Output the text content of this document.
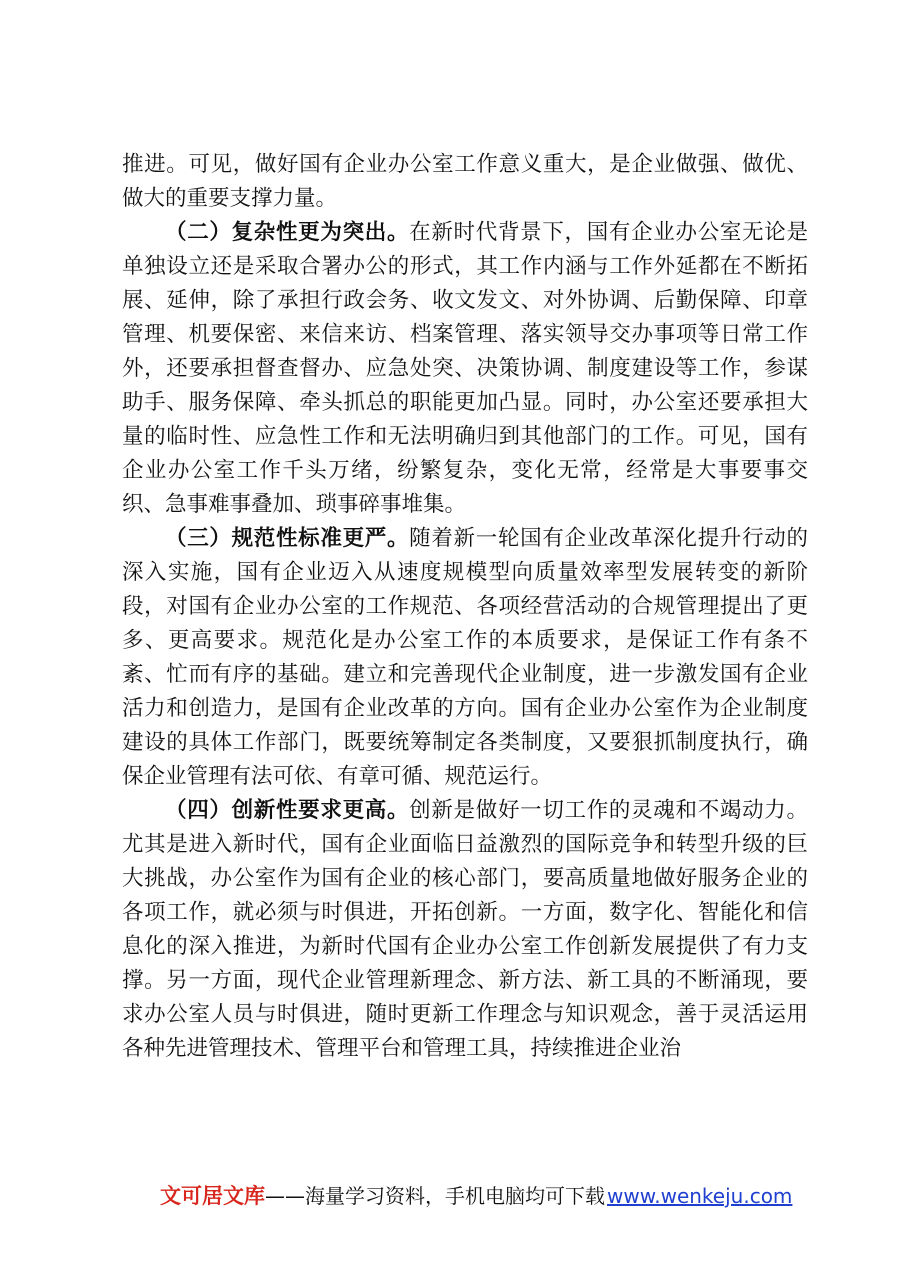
推进。可见，做好国有企业办公室工作意义重大，是企业做强、做优、做大的重要支撑力量。

（二）复杂性更为突出。在新时代背景下，国有企业办公室无论是单独设立还是采取合署办公的形式，其工作内涵与工作外延都在不断拓展、延伸，除了承担行政会务、收文发文、对外协调、后勤保障、印章管理、机要保密、来信来访、档案管理、落实领导交办事项等日常工作外，还要承担督查督办、应急处突、决策协调、制度建设等工作，参谋助手、服务保障、牵头抓总的职能更加凸显。同时，办公室还要承担大量的临时性、应急性工作和无法明确归到其他部门的工作。可见，国有企业办公室工作千头万绪，纷繁复杂，变化无常，经常是大事要事交织、急事难事叠加、琐事碎事堆集。

（三）规范性标准更严。随着新一轮国有企业改革深化提升行动的深入实施，国有企业迈入从速度规模型向质量效率型发展转变的新阶段，对国有企业办公室的工作规范、各项经营活动的合规管理提出了更多、更高要求。规范化是办公室工作的本质要求，是保证工作有条不紊、忙而有序的基础。建立和完善现代企业制度，进一步激发国有企业活力和创造力，是国有企业改革的方向。国有企业办公室作为企业制度建设的具体工作部门，既要统筹制定各类制度，又要狠抓制度执行，确保企业管理有法可依、有章可循、规范运行。

（四）创新性要求更高。创新是做好一切工作的灵魂和不竭动力。尤其是进入新时代，国有企业面临日益激烈的国际竞争和转型升级的巨大挑战，办公室作为国有企业的核心部门，要高质量地做好服务企业的各项工作，就必须与时俱进，开拓创新。一方面，数字化、智能化和信息化的深入推进，为新时代国有企业办公室工作创新发展提供了有力支撑。另一方面，现代企业管理新理念、新方法、新工具的不断涌现，要求办公室人员与时俱进，随时更新工作理念与知识观念，善于灵活运用各种先进管理技术、管理平台和管理工具，持续推进企业治

文可居文库——海量学习资料，手机电脑均可下载 www.wenkeju.com
